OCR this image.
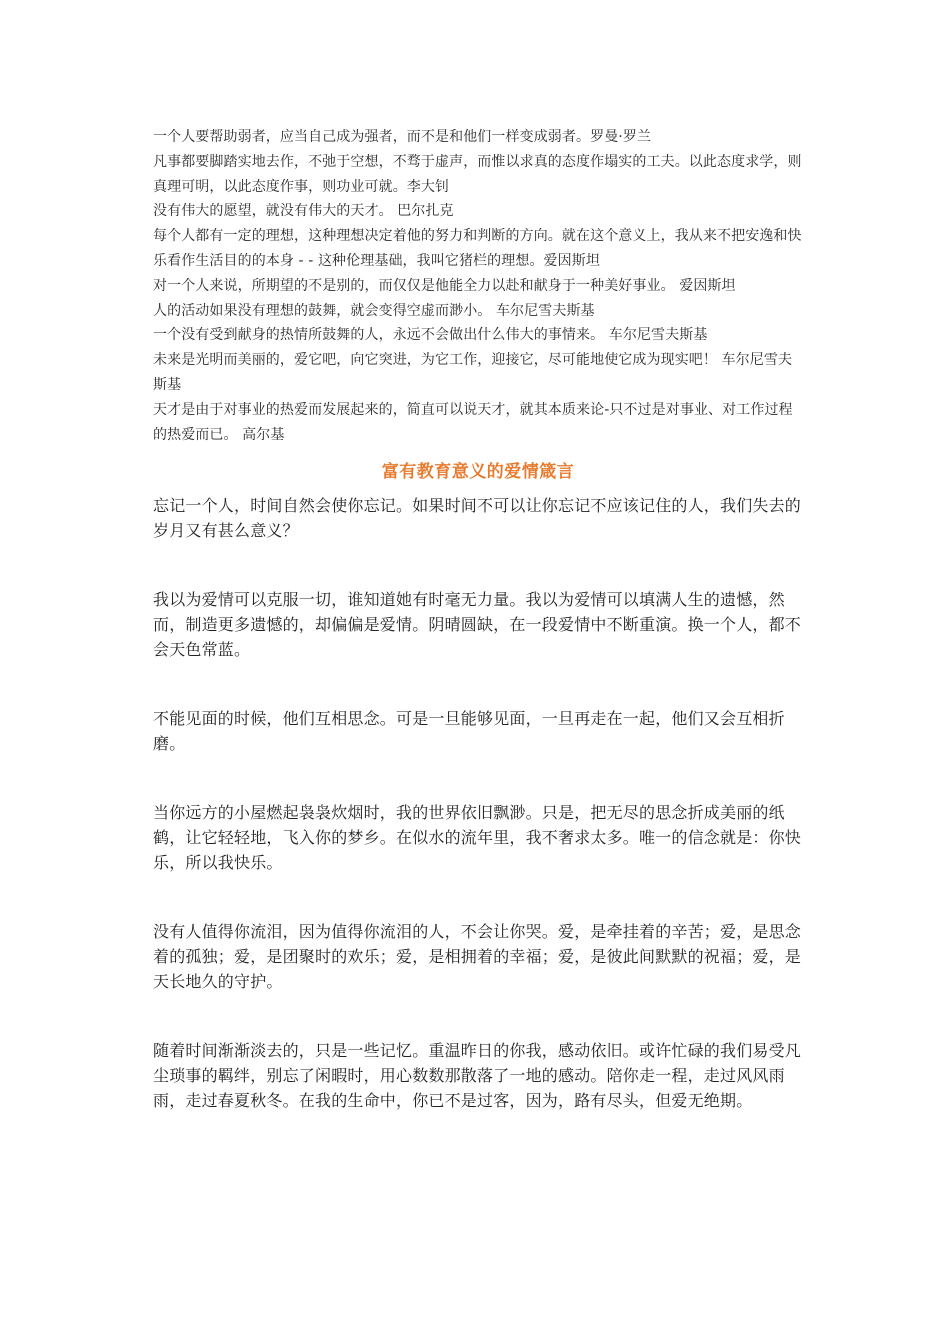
一个人要帮助弱者，应当自己成为强者，而不是和他们一样变成弱者。罗曼·罗兰

凡事都要脚踏实地去作，不弛于空想，不骛于虚声，而惟以求真的态度作塌实的工夫。以此态度求学，则真理可明，以此态度作事，则功业可就。李大钊

没有伟大的愿望，就没有伟大的天才。 巴尔扎克

每个人都有一定的理想，这种理想决定着他的努力和判断的方向。就在这个意义上，我从来不把安逸和快乐看作生活目的的本身 - - 这种伦理基础，我叫它猪栏的理想。爱因斯坦

对一个人来说，所期望的不是别的，而仅仅是他能全力以赴和献身于一种美好事业。 爱因斯坦

人的活动如果没有理想的鼓舞，就会变得空虚而渺小。 车尔尼雪夫斯基

一个没有受到献身的热情所鼓舞的人，永远不会做出什么伟大的事情来。 车尔尼雪夫斯基

未来是光明而美丽的，爱它吧，向它突进，为它工作，迎接它，尽可能地使它成为现实吧！ 车尔尼雪夫斯基

天才是由于对事业的热爱而发展起来的，简直可以说天才，就其本质来论-只不过是对事业、对工作过程的热爱而已。 高尔基

富有教育意义的爱情箴言

忘记一个人，时间自然会使你忘记。如果时间不可以让你忘记不应该记住的人，我们失去的岁月又有甚么意义？

我以为爱情可以克服一切，谁知道她有时毫无力量。我以为爱情可以填满人生的遗憾，然而，制造更多遗憾的，却偏偏是爱情。阴晴圆缺，在一段爱情中不断重演。换一个人，都不会天色常蓝。

不能见面的时候，他们互相思念。可是一旦能够见面，一旦再走在一起，他们又会互相折磨。

当你远方的小屋燃起袅袅炊烟时，我的世界依旧飘渺。只是，把无尽的思念折成美丽的纸鹤，让它轻轻地，飞入你的梦乡。在似水的流年里，我不奢求太多。唯一的信念就是：你快乐，所以我快乐。

没有人值得你流泪，因为值得你流泪的人，不会让你哭。爱，是牵挂着的辛苦；爱，是思念着的孤独；爱，是团聚时的欢乐；爱，是相拥着的幸福；爱，是彼此间默默的祝福；爱，是天长地久的守护。

随着时间渐渐淡去的，只是一些记忆。重温昨日的你我，感动依旧。或许忙碌的我们易受凡尘琐事的羁绊，别忘了闲暇时，用心数数那散落了一地的感动。陪你走一程，走过风风雨雨，走过春夏秋冬。在我的生命中，你已不是过客，因为，路有尽头，但爱无绝期。
